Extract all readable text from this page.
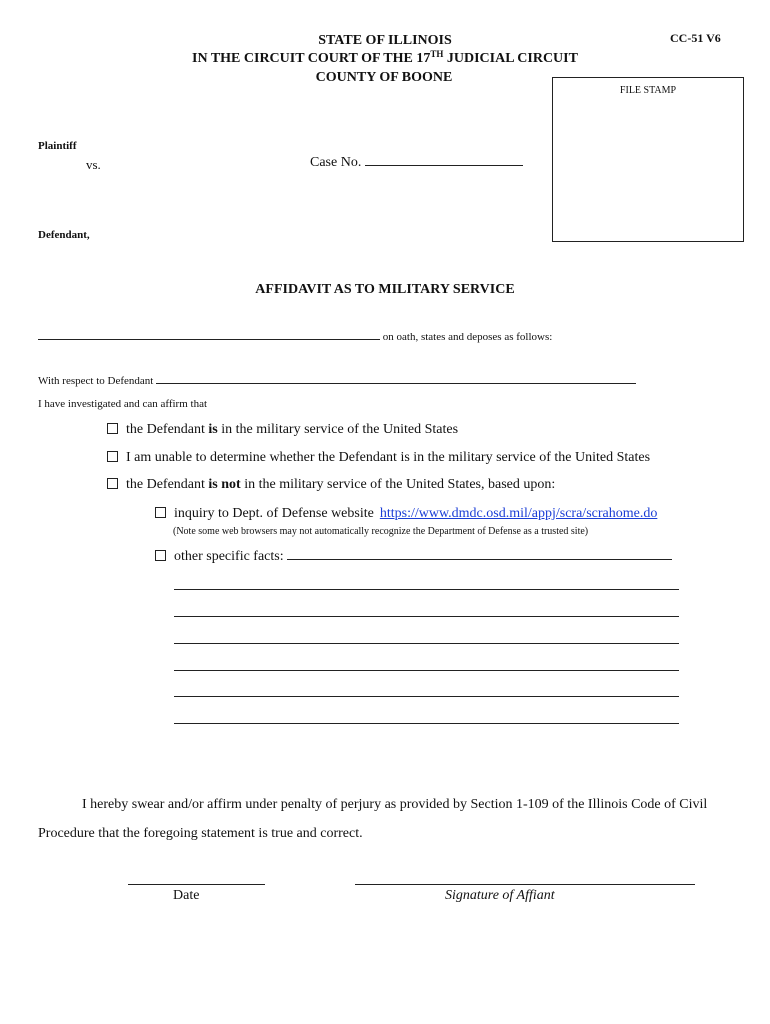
CC-51 V6
STATE OF ILLINOIS
IN THE CIRCUIT COURT OF THE 17TH JUDICIAL CIRCUIT
COUNTY OF BOONE
FILE STAMP
Plaintiff
vs.	Case No.
Defendant,
AFFIDAVIT AS TO MILITARY SERVICE
on oath, states and deposes as follows:
With respect to Defendant
I have investigated and can affirm that
the Defendant is in the military service of the United States
I am unable to determine whether the Defendant is in the military service of the United States
the Defendant is not in the military service of the United States, based upon:
inquiry to Dept. of Defense website https://www.dmdc.osd.mil/appj/scra/scrahome.do
(Note some web browsers may not automatically recognize the Department of Defense as a trusted site)
other specific facts:
I hereby swear and/or affirm under penalty of perjury as provided by Section 1-109 of the Illinois Code of Civil Procedure that the foregoing statement is true and correct.
Date	Signature of Affiant
